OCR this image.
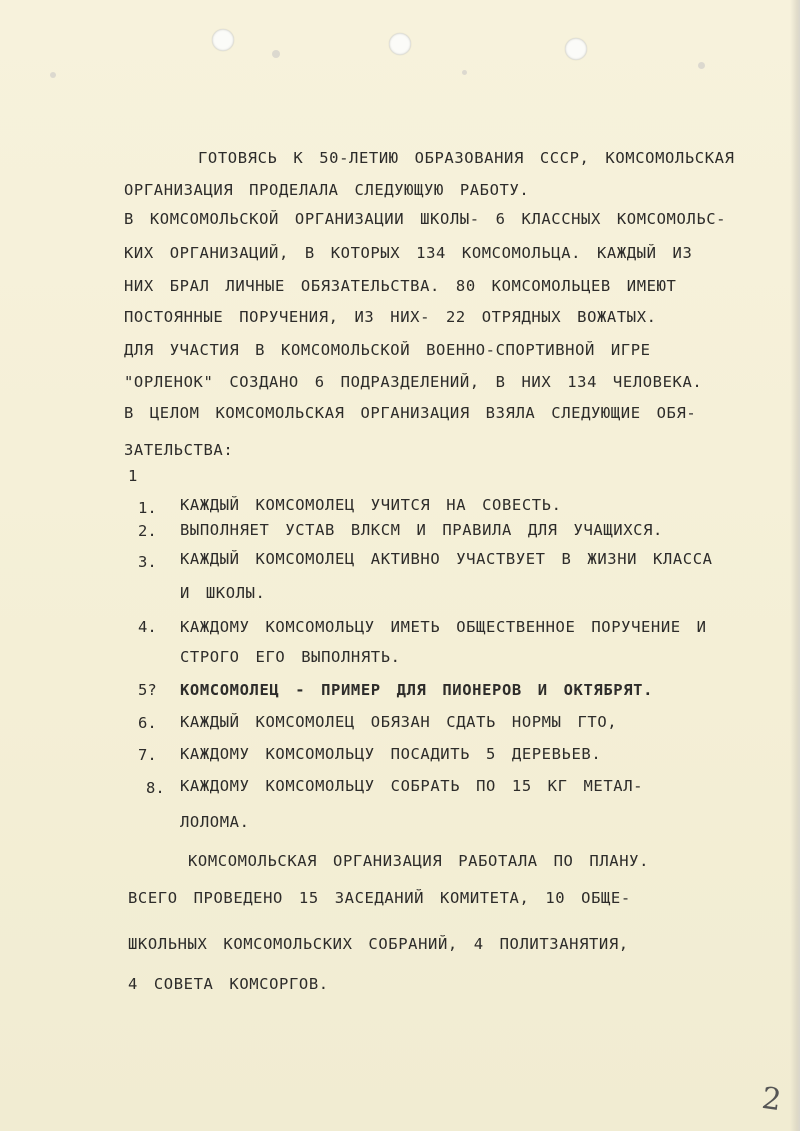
ГОТОВЯСЬ К 50-ЛЕТИЮ ОБРАЗОВАНИЯ СССР, КОМСОМОЛЬСКАЯ
ОРГАНИЗАЦИЯ ПРОДЕЛАЛА СЛЕДУЮЩУЮ РАБОТУ.
В КОМСОМОЛЬСКОЙ ОРГАНИЗАЦИИ ШКОЛЫ- 6 КЛАССНЫХ КОМСОМОЛЬС-
КИХ ОРГАНИЗАЦИЙ, В КОТОРЫХ 134 КОМСОМОЛЬЦА. КАЖДЫЙ ИЗ
НИХ БРАЛ ЛИЧНЫЕ ОБЯЗАТЕЛЬСТВА. 80 КОМСОМОЛЬЦЕВ ИМЕЮТ
ПОСТОЯННЫЕ ПОРУЧЕНИЯ, ИЗ НИХ- 22 ОТРЯДНЫХ ВОЖАТЫХ.
ДЛЯ УЧАСТИЯ В КОМСОМОЛЬСКОЙ ВОЕННО-СПОРТИВНОЙ ИГРЕ
"ОРЛЕНОК" СОЗДАНО 6 ПОДРАЗДЕЛЕНИЙ, В НИХ 134 ЧЕЛОВЕКА.
В ЦЕЛОМ КОМСОМОЛЬСКАЯ ОРГАНИЗАЦИЯ ВЗЯЛА СЛЕДУЮЩИЕ ОБЯ-
ЗАТЕЛЬСТВА:
1
1. КАЖДЫЙ КОМСОМОЛЕЦ УЧИТСЯ НА СОВЕСТЬ.
2. ВЫПОЛНЯЕТ УСТАВ ВЛКСМ И ПРАВИЛА ДЛЯ УЧАЩИХСЯ.
3. КАЖДЫЙ КОМСОМОЛЕЦ АКТИВНО УЧАСТВУЕТ В ЖИЗНИ КЛАССА
И ШКОЛЫ.
4. КАЖДОМУ КОМСОМОЛЬЦУ ИМЕТЬ ОБЩЕСТВЕННОЕ ПОРУЧЕНИЕ И
СТРОГО ЕГО ВЫПОЛНЯТЬ.
5? КОМСОМОЛЕЦ - ПРИМЕР ДЛЯ ПИОНЕРОВ И ОКТЯБРЯТ.
6. КАЖДЫЙ КОМСОМОЛЕЦ ОБЯЗАН СДАТЬ НОРМЫ ГТО,
7. КАЖДОМУ КОМСОМОЛЬЦУ ПОСАДИТЬ 5 ДЕРЕВЬЕВ.
8. КАЖДОМУ КОМСОМОЛЬЦУ СОБРАТЬ ПО 15 КГ МЕТАЛ-
ЛОЛОМА.
КОМСОМОЛЬСКАЯ ОРГАНИЗАЦИЯ РАБОТАЛА ПО ПЛАНУ.
ВСЕГО ПРОВЕДЕНО 15 ЗАСЕДАНИЙ КОМИТЕТА, 10 ОБЩЕ-
ШКОЛЬНЫХ КОМСОМОЛЬСКИХ СОБРАНИЙ, 4 ПОЛИТЗАНЯТИЯ,
4 СОВЕТА КОМСОРГОВ.
2
